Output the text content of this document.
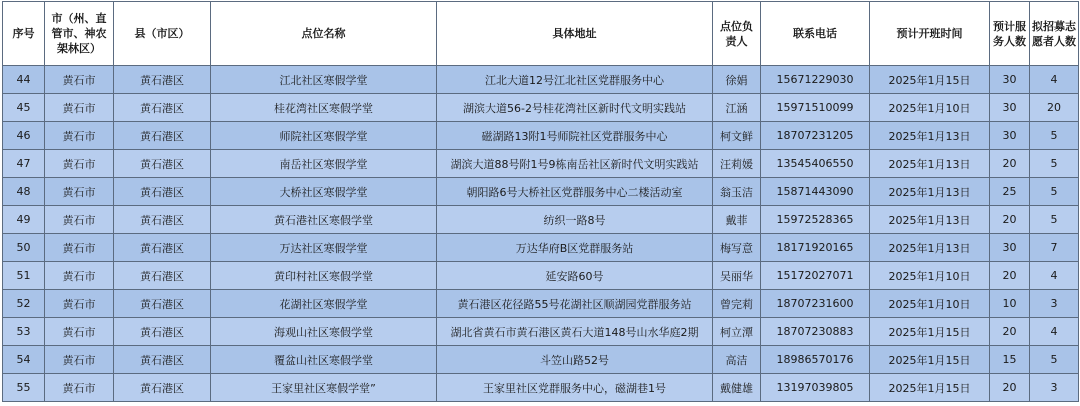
序号	市（州、直管市、神农架林区）	县（市区）	点位名称	具体地址	点位负责人	联系电话	预计开班时间	预计服务人数	拟招募志愿者人数
44	黄石市	黄石港区	江北社区寒假学堂	江北大道12号江北社区党群服务中心	徐娟	15671229030	2025年1月15日	30	4
45	黄石市	黄石港区	桂花湾社区寒假学堂	湖滨大道56-2号桂花湾社区新时代文明实践站	江涵	15971510099	2025年1月10日	30	20
46	黄石市	黄石港区	师院社区寒假学堂	磁湖路13附1号师院社区党群服务中心	柯文鲜	18707231205	2025年1月13日	30	5
47	黄石市	黄石港区	南岳社区寒假学堂	湖滨大道88号附1号9栋南岳社区新时代文明实践站	汪莉媛	13545406550	2025年1月13日	20	5
48	黄石市	黄石港区	大桥社区寒假学堂	朝阳路6号大桥社区党群服务中心二楼活动室	翁玉洁	15871443090	2025年1月13日	25	5
49	黄石市	黄石港区	黄石港社区寒假学堂	纺织一路8号	戴菲	15972528365	2025年1月13日	20	5
50	黄石市	黄石港区	万达社区寒假学堂	万达华府B区党群服务站	梅写意	18171920165	2025年1月13日	30	7
51	黄石市	黄石港区	黄印村社区寒假学堂	延安路60号	吴丽华	15172027071	2025年1月10日	20	4
52	黄石市	黄石港区	花湖社区寒假学堂	黄石港区花径路55号花湖社区顺湖园党群服务站	曾完莉	18707231600	2025年1月10日	10	3
53	黄石市	黄石港区	海观山社区寒假学堂	湖北省黄石市黄石港区黄石大道148号山水华庭2期	柯立潭	18707230883	2025年1月15日	20	4
54	黄石市	黄石港区	覆盆山社区寒假学堂	斗笠山路52号	高洁	18986570176	2025年1月15日	15	5
55	黄石市	黄石港区	王家里社区寒假学堂”	王家里社区党群服务中心，磁湖巷1号	戴健雄	13197039805	2025年1月15日	20	3
